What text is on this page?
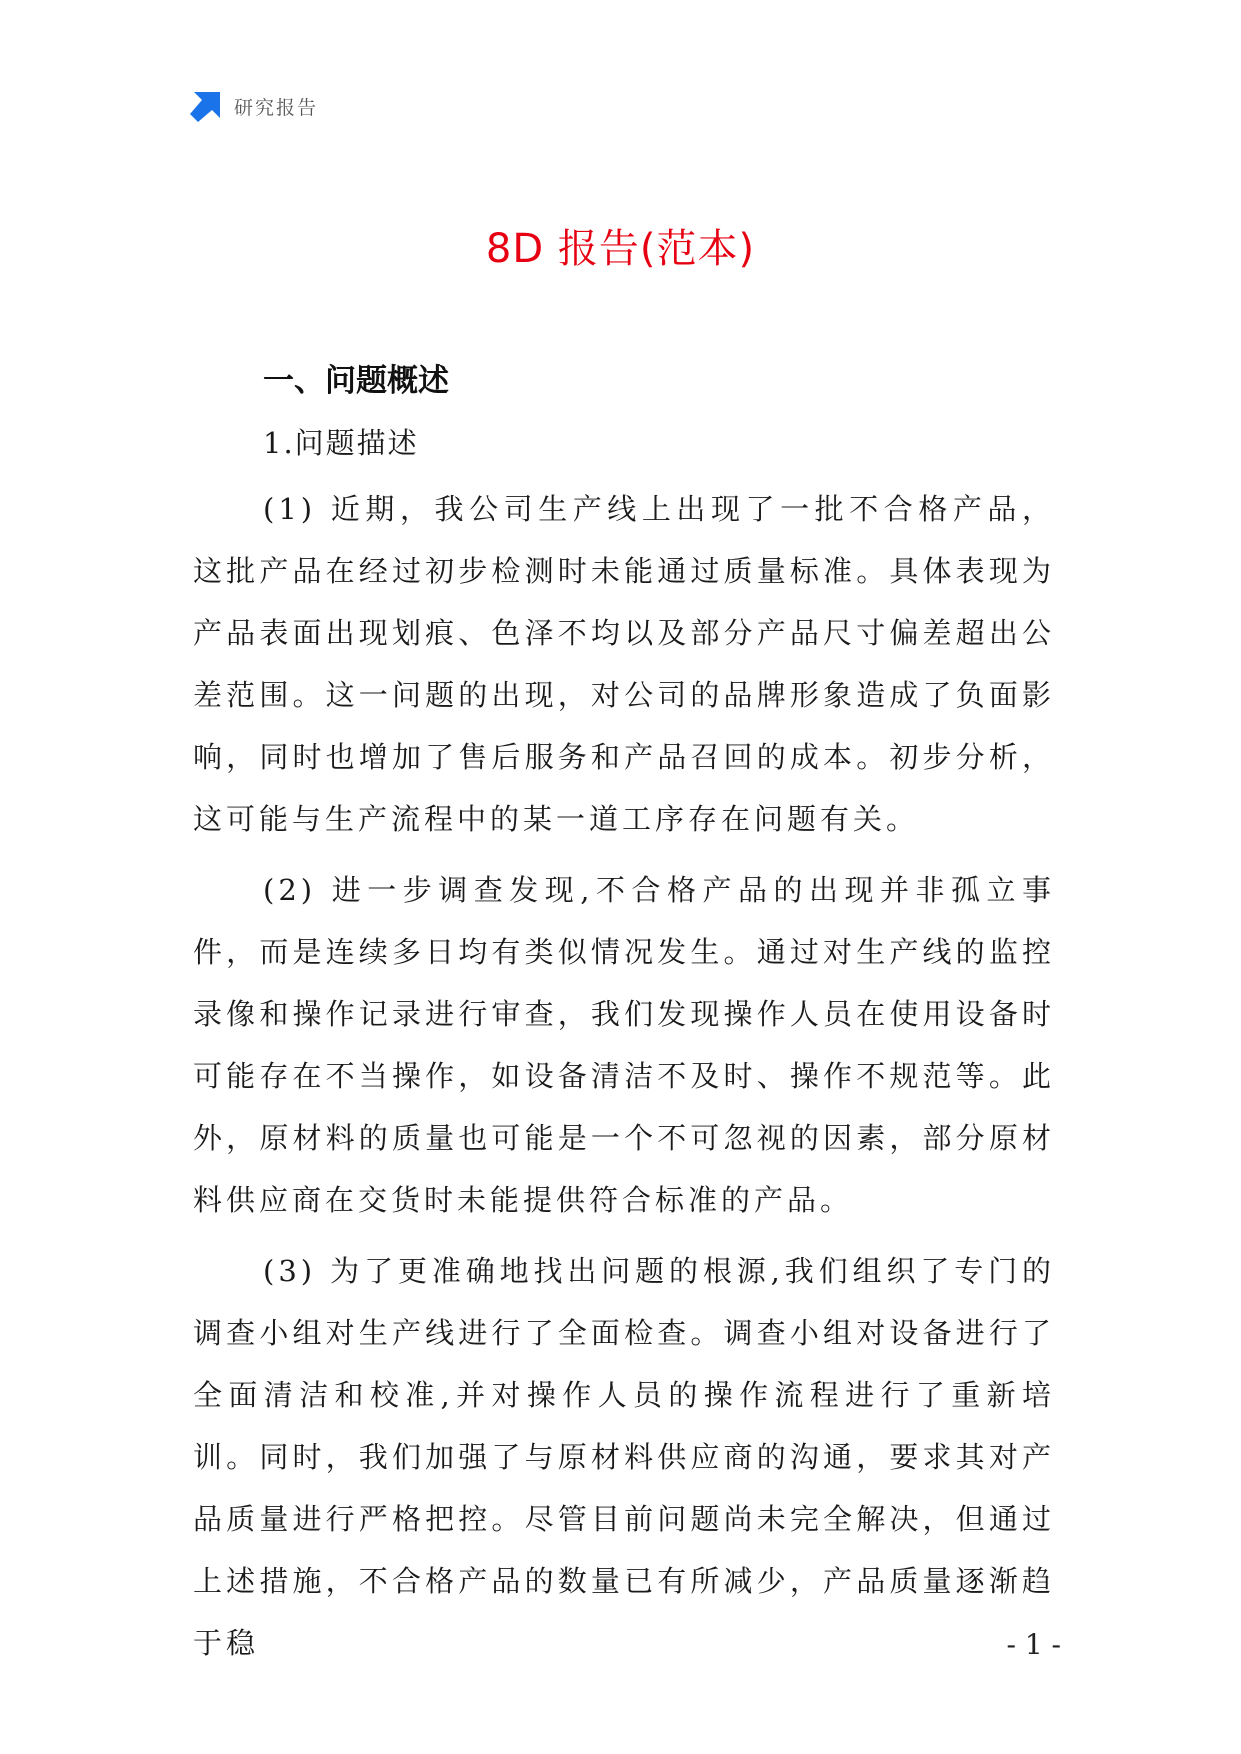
研究报告
8D 报告(范本)
一、问题概述

1.问题描述

(1) 近期，我公司生产线上出现了一批不合格产品，这批产品在经过初步检测时未能通过质量标准。具体表现为产品表面出现划痕、色泽不均以及部分产品尺寸偏差超出公差范围。这一问题的出现，对公司的品牌形象造成了负面影响，同时也增加了售后服务和产品召回的成本。初步分析，这可能与生产流程中的某一道工序存在问题有关。

(2) 进一步调查发现,不合格产品的出现并非孤立事件，而是连续多日均有类似情况发生。通过对生产线的监控录像和操作记录进行审查，我们发现操作人员在使用设备时可能存在不当操作，如设备清洁不及时、操作不规范等。此外，原材料的质量也可能是一个不可忽视的因素，部分原材料供应商在交货时未能提供符合标准的产品。

(3) 为了更准确地找出问题的根源,我们组织了专门的调查小组对生产线进行了全面检查。调查小组对设备进行了全面清洁和校准,并对操作人员的操作流程进行了重新培训。同时，我们加强了与原材料供应商的沟通，要求其对产品质量进行严格把控。尽管目前问题尚未完全解决，但通过上述措施，不合格产品的数量已有所减少，产品质量逐渐趋于稳	- 1 -
